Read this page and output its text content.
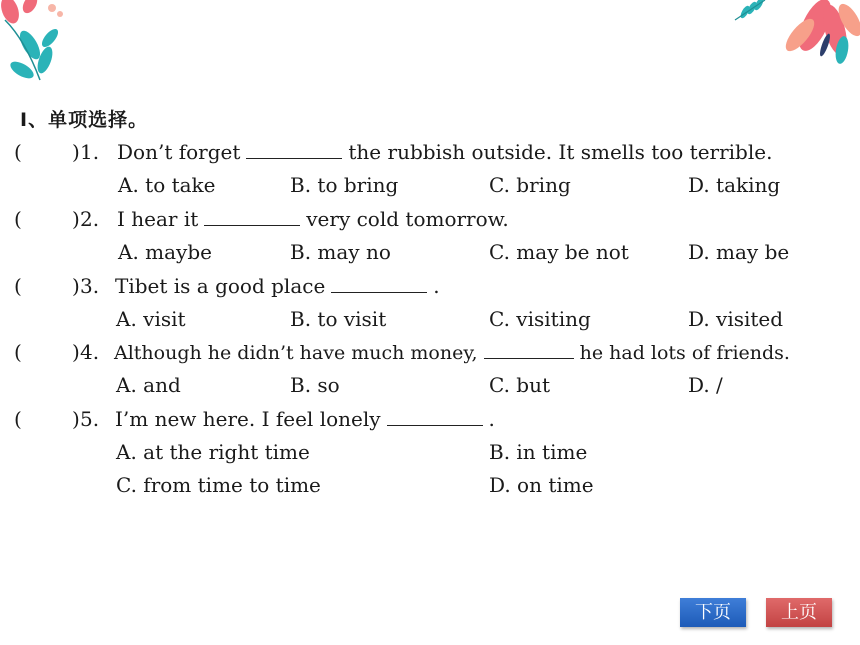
Ⅰ、单项选择。
(	) 1. Don’t forget	the rubbish outside. It smells too terrible.
A. to take	B. to bring	C. bring	D. taking
(	) 2. I hear it	very cold tomorrow.
A. maybe	B. may no	C. may be not	D. may be
(	) 3. Tibet is a good place	.
A. visit	B. to visit	C. visiting	D. visited
(	) 4. Although he didn’t have much money,	he had lots of friends.
A. and	B. so	C. but	D. /
(	) 5. I’m new here. I feel lonely	.
A. at the right time	B. in time
C. from time to time	D. on time
下页	上页
